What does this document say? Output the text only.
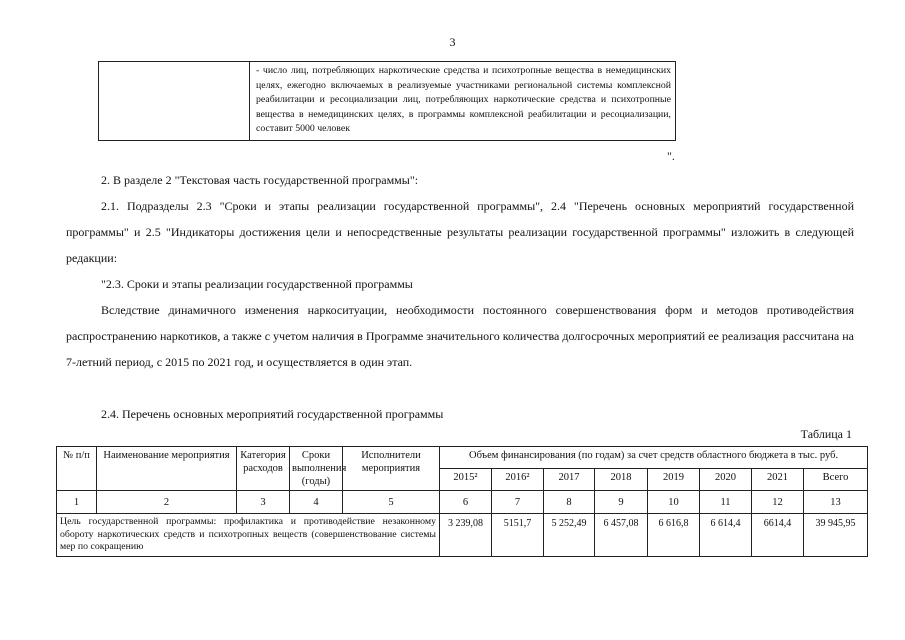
3
	- число лиц, потребляющих наркотические средства и психотропные вещества в немедицинских целях, ежегодно включаемых в реализуемые участниками региональной системы комплексной реабилитации и ресоциализации лиц, потребляющих наркотические средства и психотропные вещества в немедицинских целях, в программы комплексной реабилитации и ресоциализации, составит 5000 человек
".

2. В разделе 2 "Текстовая часть государственной программы":

2.1. Подразделы 2.3 "Сроки и этапы реализации государственной программы", 2.4 "Перечень основных мероприятий государственной программы" и 2.5 "Индикаторы достижения цели и непосредственные результаты реализации государственной программы" изложить в следующей редакции:

"2.3. Сроки и этапы реализации государственной программы

Вследствие динамичного изменения наркоситуации, необходимости постоянного совершенствования форм и методов противодействия распространению наркотиков, а также с учетом наличия в Программе значительного количества долгосрочных мероприятий ее реализация рассчитана на 7-летний период, с 2015 по 2021 год, и осуществляется в один этап.

2.4. Перечень основных мероприятий государственной программы

Таблица 1
№ п/п	Наименование мероприятия	Категория расходов	Сроки выполнения (годы)	Исполнители мероприятия	Объем финансирования (по годам) за счет средств областного бюджета в тыс. руб.							
					2015²	2016²	2017	2018	2019	2020	2021	Всего
1	2	3	4	5	6	7	8	9	10	11	12	13
Цель государственной программы: профилактика и противодействие незаконному обороту наркотических средств и психотропных веществ (совершенствование системы мер по сокращению					3 239,08	5151,7	5 252,49	6 457,08	6 616,8	6 614,4	6614,4	39 945,95
